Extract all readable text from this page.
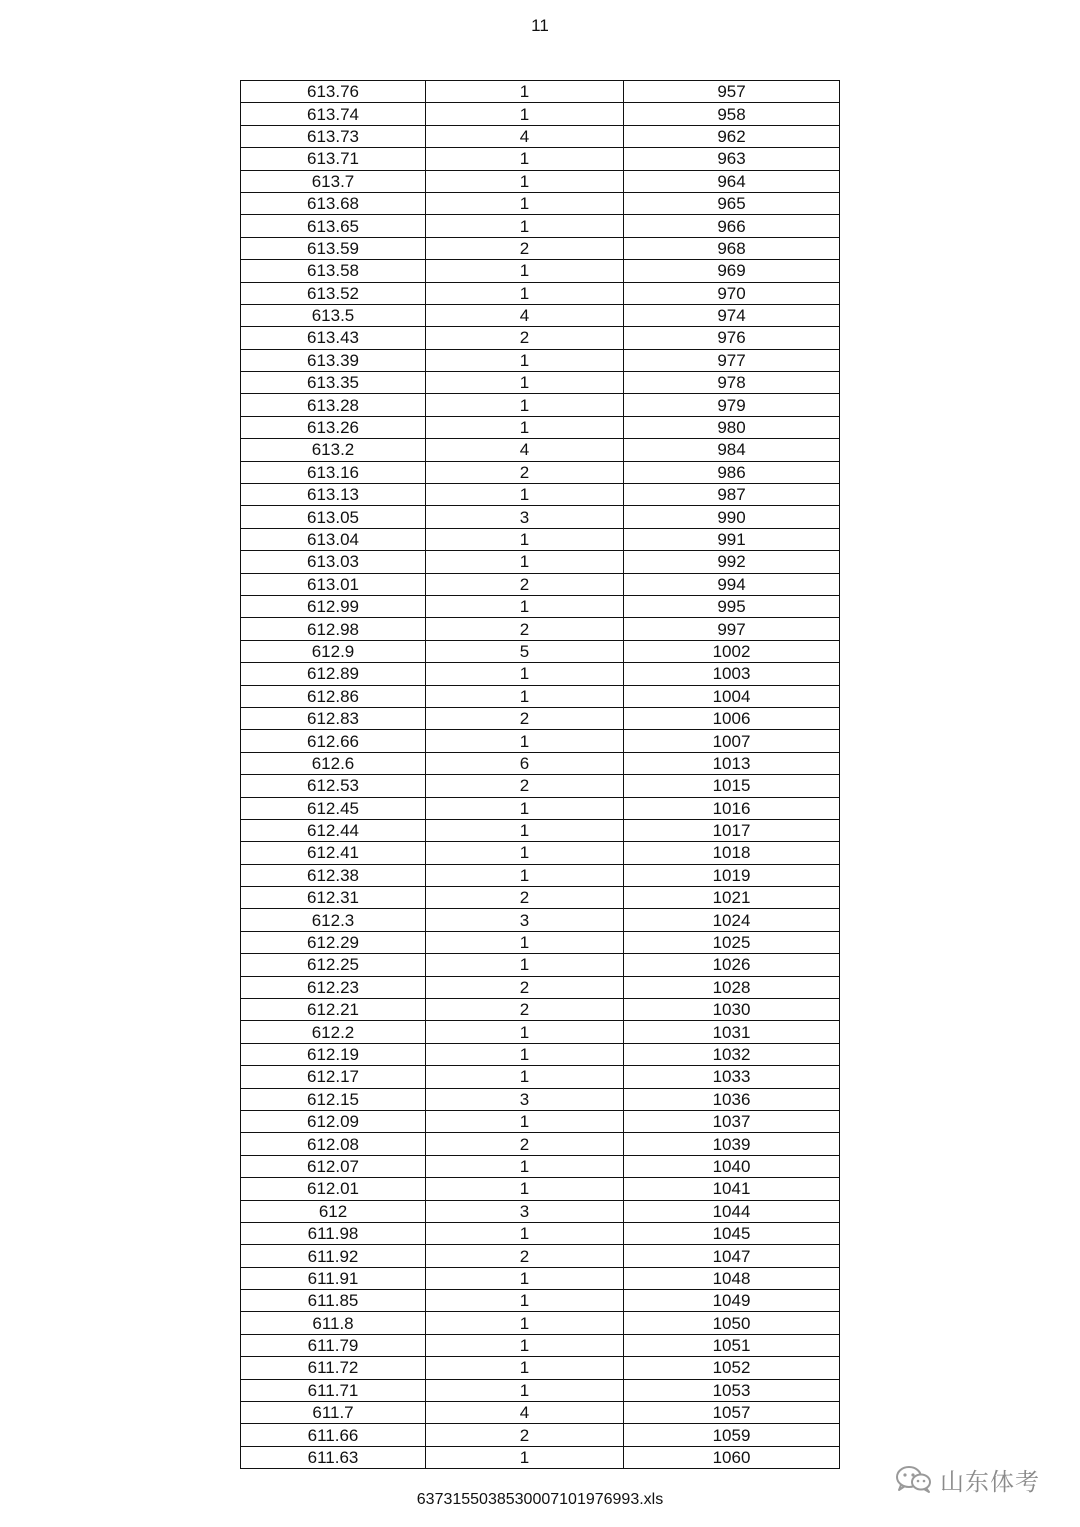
11
613.76	1	957
613.74	1	958
613.73	4	962
613.71	1	963
613.7	1	964
613.68	1	965
613.65	1	966
613.59	2	968
613.58	1	969
613.52	1	970
613.5	4	974
613.43	2	976
613.39	1	977
613.35	1	978
613.28	1	979
613.26	1	980
613.2	4	984
613.16	2	986
613.13	1	987
613.05	3	990
613.04	1	991
613.03	1	992
613.01	2	994
612.99	1	995
612.98	2	997
612.9	5	1002
612.89	1	1003
612.86	1	1004
612.83	2	1006
612.66	1	1007
612.6	6	1013
612.53	2	1015
612.45	1	1016
612.44	1	1017
612.41	1	1018
612.38	1	1019
612.31	2	1021
612.3	3	1024
612.29	1	1025
612.25	1	1026
612.23	2	1028
612.21	2	1030
612.2	1	1031
612.19	1	1032
612.17	1	1033
612.15	3	1036
612.09	1	1037
612.08	2	1039
612.07	1	1040
612.01	1	1041
612	3	1044
611.98	1	1045
611.92	2	1047
611.91	1	1048
611.85	1	1049
611.8	1	1050
611.79	1	1051
611.72	1	1052
611.71	1	1053
611.7	4	1057
611.66	2	1059
611.63	1	1060
山东体考
6373155038530007101976993.xls
